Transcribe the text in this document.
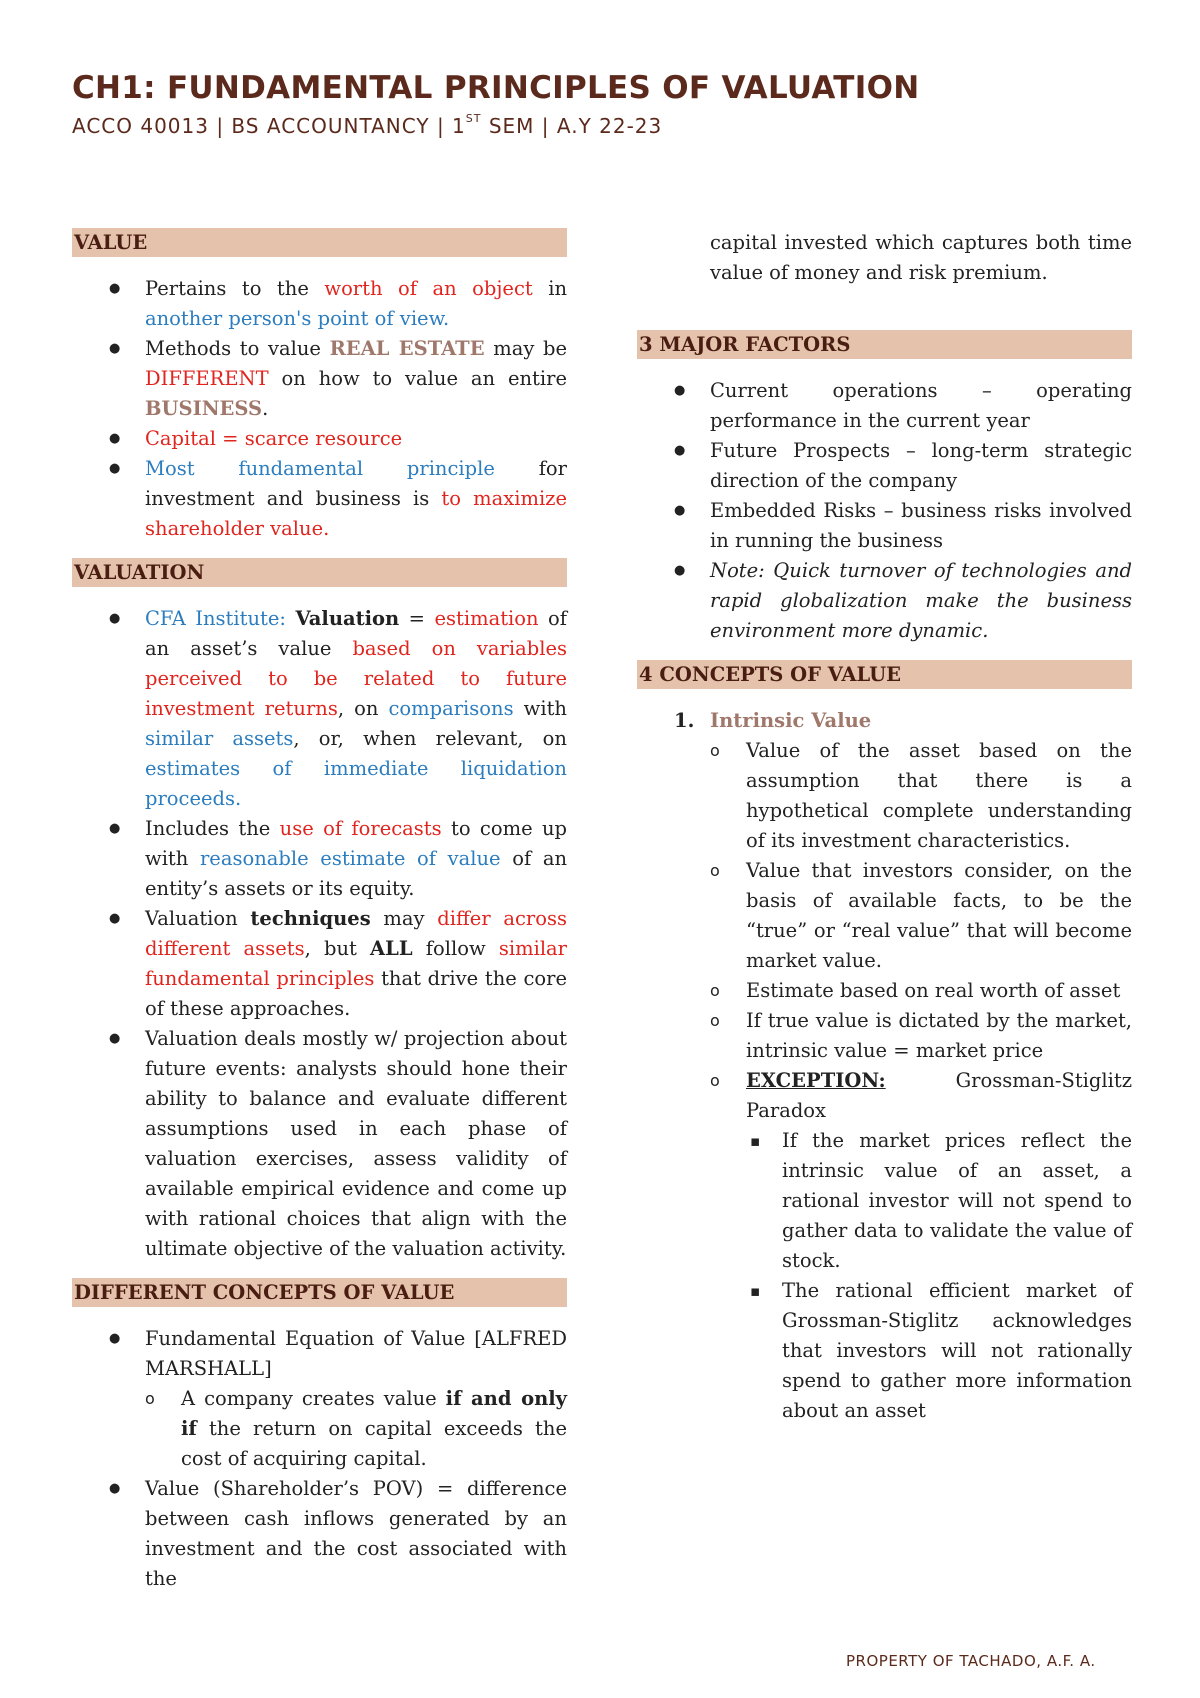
CH1: FUNDAMENTAL PRINCIPLES OF VALUATION
ACCO 40013 | BS ACCOUNTANCY | 1ST SEM | A.Y 22-23
VALUE
● Pertains to the worth of an object in another person's point of view.
● Methods to value REAL ESTATE may be DIFFERENT on how to value an entire BUSINESS.
● Capital = scarce resource
● Most fundamental principle for investment and business is to maximize shareholder value.
VALUATION
● CFA Institute: Valuation = estimation of an asset’s value based on variables perceived to be related to future investment returns, on comparisons with similar assets, or, when relevant, on estimates of immediate liquidation proceeds.
● Includes the use of forecasts to come up with reasonable estimate of value of an entity’s assets or its equity.
● Valuation techniques may differ across different assets, but ALL follow similar fundamental principles that drive the core of these approaches.
● Valuation deals mostly w/ projection about future events: analysts should hone their ability to balance and evaluate different assumptions used in each phase of valuation exercises, assess validity of available empirical evidence and come up with rational choices that align with the ultimate objective of the valuation activity.
DIFFERENT CONCEPTS OF VALUE
● Fundamental Equation of Value [ALFRED MARSHALL]
o A company creates value if and only if the return on capital exceeds the cost of acquiring capital.
● Value (Shareholder’s POV) = difference between cash inflows generated by an investment and the cost associated with the
capital invested which captures both time value of money and risk premium.
3 MAJOR FACTORS
● Current operations – operating performance in the current year
● Future Prospects – long-term strategic direction of the company
● Embedded Risks – business risks involved in running the business
● Note: Quick turnover of technologies and rapid globalization make the business environment more dynamic.
4 CONCEPTS OF VALUE
1. Intrinsic Value
o Value of the asset based on the assumption that there is a hypothetical complete understanding of its investment characteristics.
o Value that investors consider, on the basis of available facts, to be the “true” or “real value” that will become market value.
o Estimate based on real worth of asset
o If true value is dictated by the market, intrinsic value = market price
o EXCEPTION: Grossman-Stiglitz Paradox
▪ If the market prices reflect the intrinsic value of an asset, a rational investor will not spend to gather data to validate the value of stock.
▪ The rational efficient market of Grossman-Stiglitz acknowledges that investors will not rationally spend to gather more information about an asset
PROPERTY OF TACHADO, A.F. A.
